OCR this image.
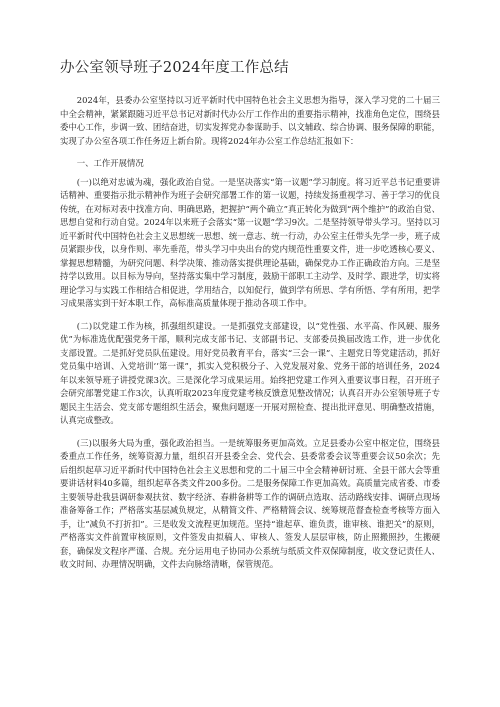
办公室领导班子2024年度工作总结

2024年，县委办公室坚持以习近平新时代中国特色社会主义思想为指导，深入学习党的二十届三中全会精神，紧紧跟随习近平总书记对新时代办公厅工作作出的重要指示精神，找准角色定位，围绕县委中心工作，步调一致、团结奋进，切实发挥党办参谋助手、以文辅政、综合协调、服务保障的职能，实现了办公室各项工作任务迈上新台阶。现将2024年办公室工作总结汇报如下：

一、工作开展情况

(一)以绝对忠诚为魂，强化政治自觉。一是坚决落实“第一议题”学习制度。将习近平总书记重要讲话精神、重要指示批示精神作为班子会研究部署工作的第一议题，持续发扬重视学习、善于学习的优良传统，在对标对表中找准方向、明确思路，把握护“两个确立”真正转化为做到“两个维护”的政治自觉、思想自觉和行动自觉。2024年以来班子会落实“第一议题”学习9次。二是坚持领导带头学习。坚持以习近平新时代中国特色社会主义思想统一思想、统一意志、统一行动，办公室主任带头先学一步，班子成员紧跟步伐，以身作则、率先垂范，带头学习中央出台的党内规范性重要文件，进一步吃透核心要义、掌握思想精髓，为研究问题、科学决策、推动落实提供理论基础，确保党办工作正确政治方向。三是坚持学以致用。以目标为导向，坚持落实集中学习制度，鼓励干部职工主动学、及时学、跟进学，切实将理论学习与实践工作相结合相促进，学用结合，以知促行，做到学有所思、学有所悟、学有所用，把学习成果落实到干好本职工作，高标准高质量体现于推动各项工作中。

(二)以党建工作为核，抓强组织建设。一是抓强党支部建设，以“党性强、水平高、作风硬、服务优”为标准选优配强党务干部，顺利完成支部书记、支部副书记、支部委员换届改选工作，进一步优化支部设置。二是抓好党员队伍建设。用好党员教育平台，落实“三会一课”、主题党日等党建活动，抓好党员集中培训、入党培训’’第一课”，抓实入党积极分子、入党发展对象、党务干部的培训任务，2024年以来领导班子讲授党课3次。三是深化学习成果运用。始终把党建工作列入重要议事日程，召开班子会研究部署党建工作3次，认真听取2023年度党建考核反馈意见整改情况；认真召开办公室领导班子专题民主生活会、党支部专题组织生活会，聚焦问题逐一开展对照检查、提出批评意见、明确整改措施，认真完成整改。

(三)以服务大局为重，强化政治担当。一是统筹服务更加高效。立足县委办公室中枢定位，围绕县委重点工作任务，统筹资源力量，组织召开县委全会、党代会、县委常委会议等重要会议50余次；先后组织起草习近平新时代中国特色社会主义思想和党的二十届三中全会精神研讨班、全县干部大会等重要讲话材料40多篇，组织起草各类文件200多份。二是服务保障工作更加高效。高质量完成省委、市委主要领导赴我县调研参观扶贫、数字经济、春耕备耕等工作的调研点选取、活动路线安排、调研点现场准备筹备工作；严格落实基层减负规定，从精简文件、严格精简会议、统筹规范督查检查考核等方面入手，让“减负不打折扣”。三是收发文流程更加规范。坚持“谁起草、谁负责，谁审核、谁把关”的原则，严格落实文件前置审核原则，文件签发由拟稿人、审核人、签发人层层审核，防止照搬照抄，生搬硬套，确保发文程序严谨、合规。充分运用电子协同办公系统与纸质文件双保障制度，收文登记责任人、收文时间、办理情况明确，文件去向脉络清晰，保管规范。
